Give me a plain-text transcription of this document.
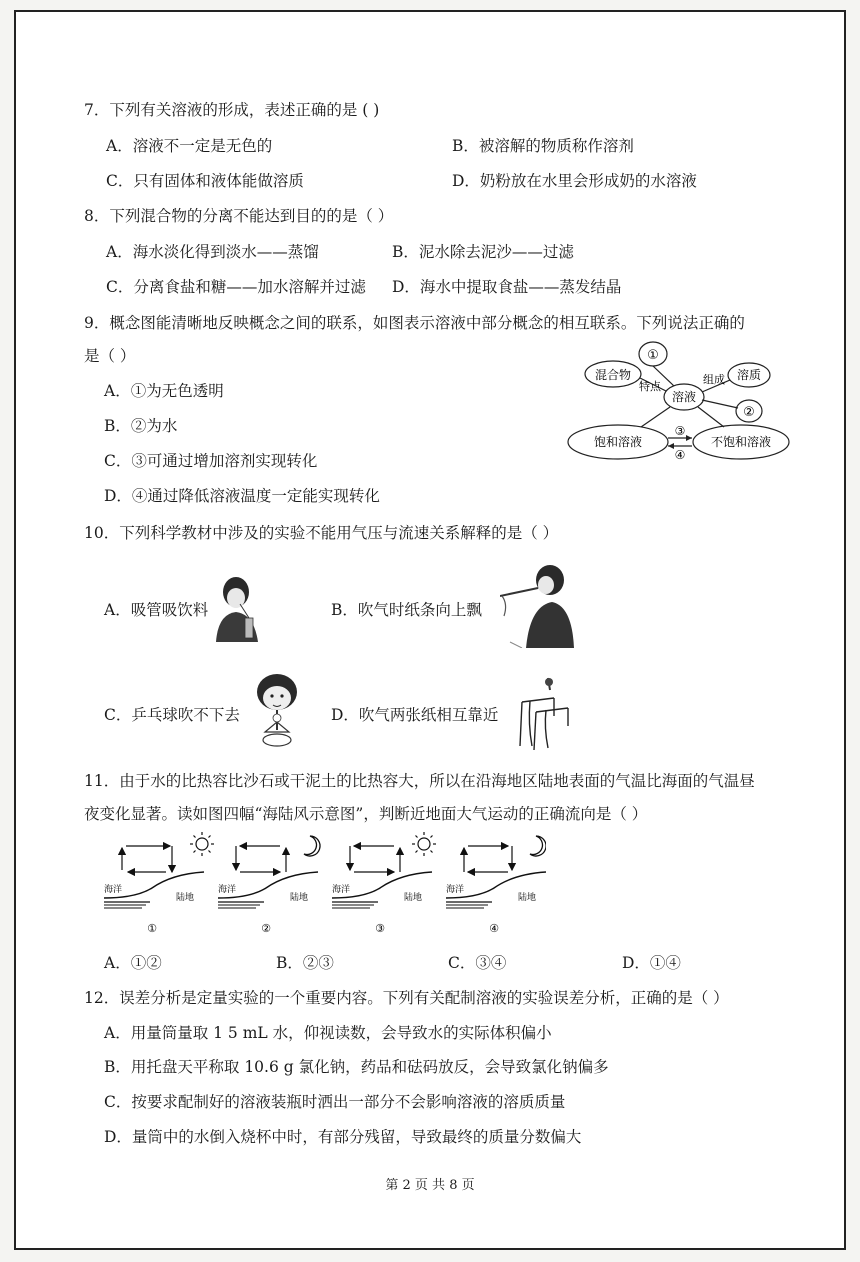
7．下列有关溶液的形成，表述正确的是 ( )
A．溶液不一定是无色的	B．被溶解的物质称作溶剂
C．只有固体和液体能做溶质	D．奶粉放在水里会形成奶的水溶液
8．下列混合物的分离不能达到目的的是（ ）
A．海水淡化得到淡水——蒸馏	B．泥水除去泥沙——过滤
C．分离食盐和糖——加水溶解并过滤 D．海水中提取食盐——蒸发结晶
9．概念图能清晰地反映概念之间的联系，如图表示溶液中部分概念的相互联系。下列说法正确的
是（ ）
A．①为无色透明
B．②为水
C．③可通过增加溶剂实现转化
D．④通过降低溶液温度一定能实现转化
①
混合物
特点
组成 溶质
溶液
②
饱和溶液
③
④
不饱和溶液
10．下列科学教材中涉及的实验不能用气压与流速关系解释的是（ ）
A．吸管吸饮料	B．吹气时纸条向上飘
C．乒乓球吹不下去	D．吹气两张纸相互靠近
11．由于水的比热容比沙石或干泥土的比热容大，所以在沿海地区陆地表面的气温比海面的气温昼
夜变化显著。读如图四幅“海陆风示意图”，判断近地面大气运动的正确流向是（ ）
海洋
陆地
①
海洋
陆地
②
海洋
陆地
③
海洋
陆地
④
A．①②	B．②③	C．③④	D．①④
12．误差分析是定量实验的一个重要内容。下列有关配制溶液的实验误差分析，正确的是（ ）
A．用量筒量取 1 5 mL 水，仰视读数，会导致水的实际体积偏小
B．用托盘天平称取 10.6 g 氯化钠，药品和砝码放反，会导致氯化钠偏多
C．按要求配制好的溶液装瓶时洒出一部分不会影响溶液的溶质质量
D．量筒中的水倒入烧杯中时，有部分残留，导致最终的质量分数偏大
第 2 页 共 8 页
